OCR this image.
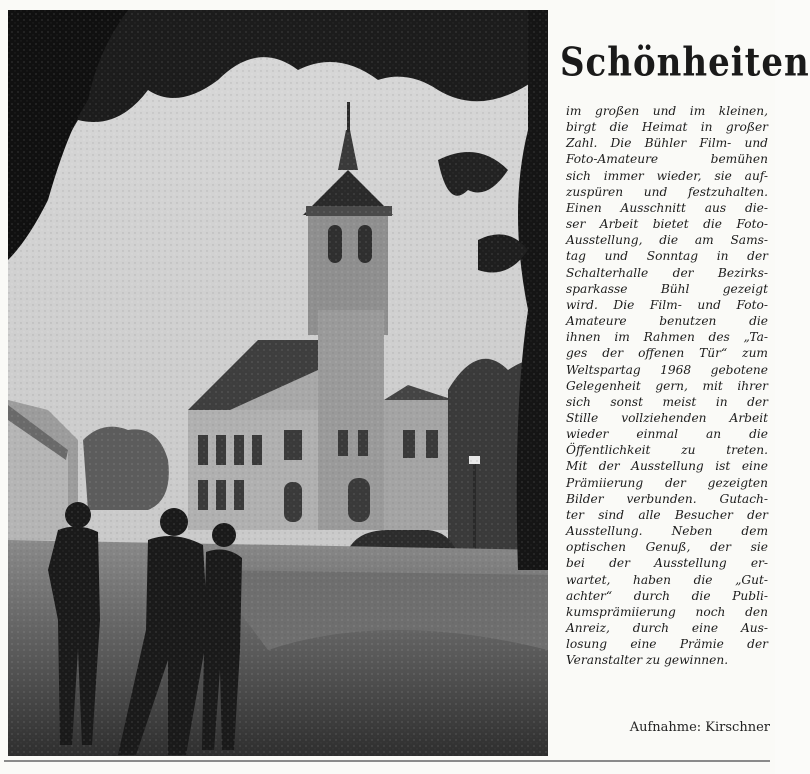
Schönheiten

im großen und im kleinen,
birgt die Heimat in großer
Zahl. Die Bühler Film- und
Foto-Amateure bemühen
sich immer wieder, sie auf-
zuspüren und festzuhalten.
Einen Ausschnitt aus die-
ser Arbeit bietet die Foto-
Ausstellung, die am Sams-
tag und Sonntag in der
Schalterhalle der Bezirks-
sparkasse Bühl gezeigt
wird. Die Film- und Foto-
Amateure benutzen die
ihnen im Rahmen des „Ta-
ges der offenen Tür“ zum
Weltspartag 1968 gebotene
Gelegenheit gern, mit ihrer
sich sonst meist in der
Stille vollziehenden Arbeit
wieder einmal an die
Öffentlichkeit zu treten.
Mit der Ausstellung ist eine
Prämiierung der gezeigten
Bilder verbunden. Gutach-
ter sind alle Besucher der
Ausstellung. Neben dem
optischen Genuß, der sie
bei der Ausstellung er-
wartet, haben die „Gut-
achter“ durch die Publi-
kumsprämiierung noch den
Anreiz, durch eine Aus-
losung eine Prämie der
Veranstalter zu gewinnen.

Aufnahme: Kirschner
